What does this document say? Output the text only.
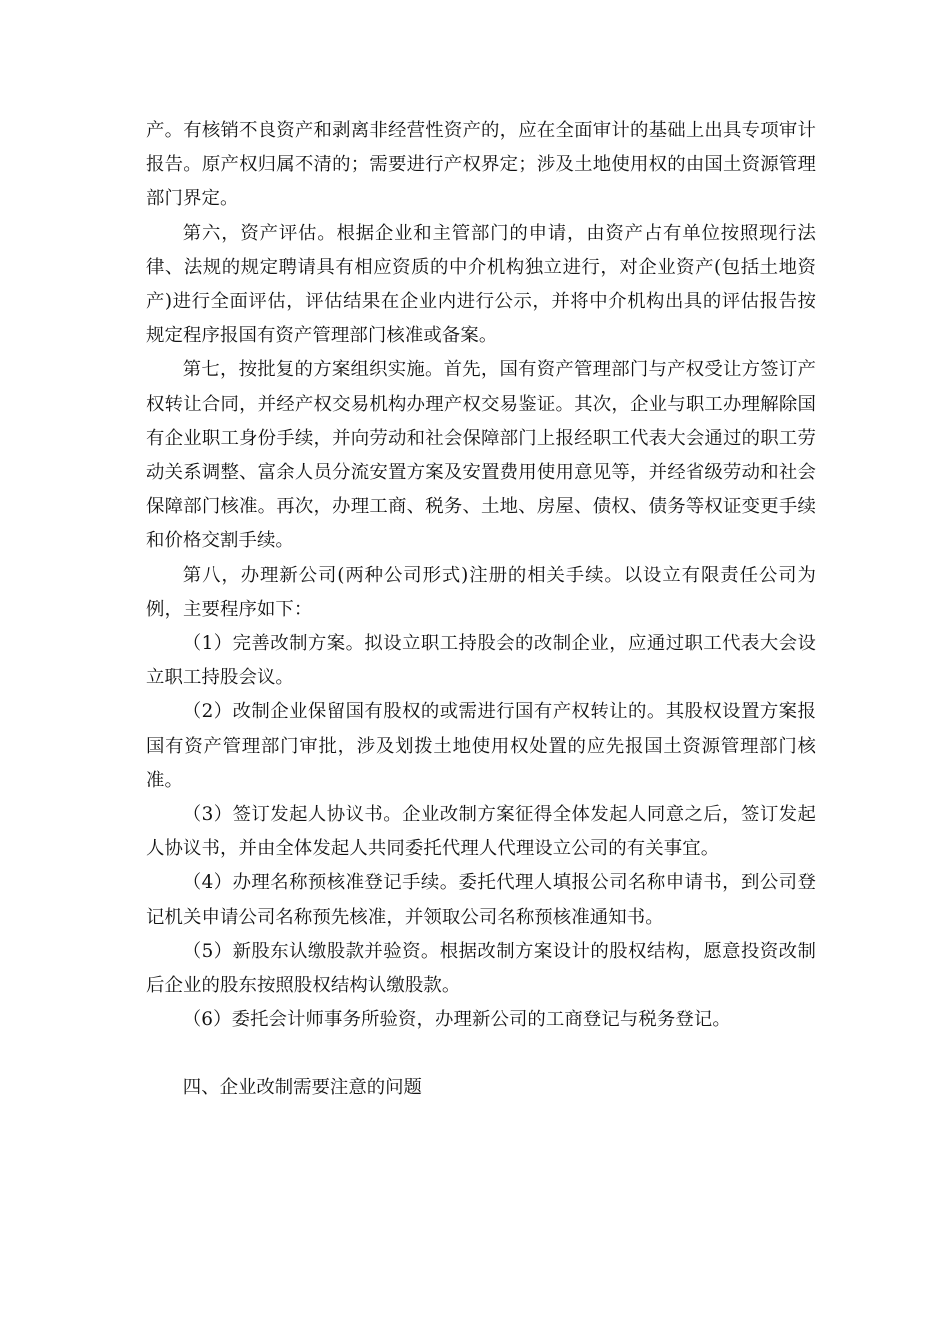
产。有核销不良资产和剥离非经营性资产的，应在全面审计的基础上出具专项审计报告。原产权归属不清的；需要进行产权界定；涉及土地使用权的由国土资源管理部门界定。

第六，资产评估。根据企业和主管部门的申请，由资产占有单位按照现行法律、法规的规定聘请具有相应资质的中介机构独立进行，对企业资产(包括土地资产)进行全面评估，评估结果在企业内进行公示，并将中介机构出具的评估报告按规定程序报国有资产管理部门核准或备案。

第七，按批复的方案组织实施。首先，国有资产管理部门与产权受让方签订产权转让合同，并经产权交易机构办理产权交易鉴证。其次，企业与职工办理解除国有企业职工身份手续，并向劳动和社会保障部门上报经职工代表大会通过的职工劳动关系调整、富余人员分流安置方案及安置费用使用意见等，并经省级劳动和社会保障部门核准。再次，办理工商、税务、土地、房屋、债权、债务等权证变更手续和价格交割手续。

第八，办理新公司(两种公司形式)注册的相关手续。以设立有限责任公司为例，主要程序如下：

（1）完善改制方案。拟设立职工持股会的改制企业，应通过职工代表大会设立职工持股会议。

（2）改制企业保留国有股权的或需进行国有产权转让的。其股权设置方案报国有资产管理部门审批，涉及划拨土地使用权处置的应先报国土资源管理部门核准。

（3）签订发起人协议书。企业改制方案征得全体发起人同意之后，签订发起人协议书，并由全体发起人共同委托代理人代理设立公司的有关事宜。

（4）办理名称预核准登记手续。委托代理人填报公司名称申请书，到公司登记机关申请公司名称预先核准，并领取公司名称预核准通知书。

（5）新股东认缴股款并验资。根据改制方案设计的股权结构，愿意投资改制后企业的股东按照股权结构认缴股款。

（6）委托会计师事务所验资，办理新公司的工商登记与税务登记。

四、企业改制需要注意的问题
